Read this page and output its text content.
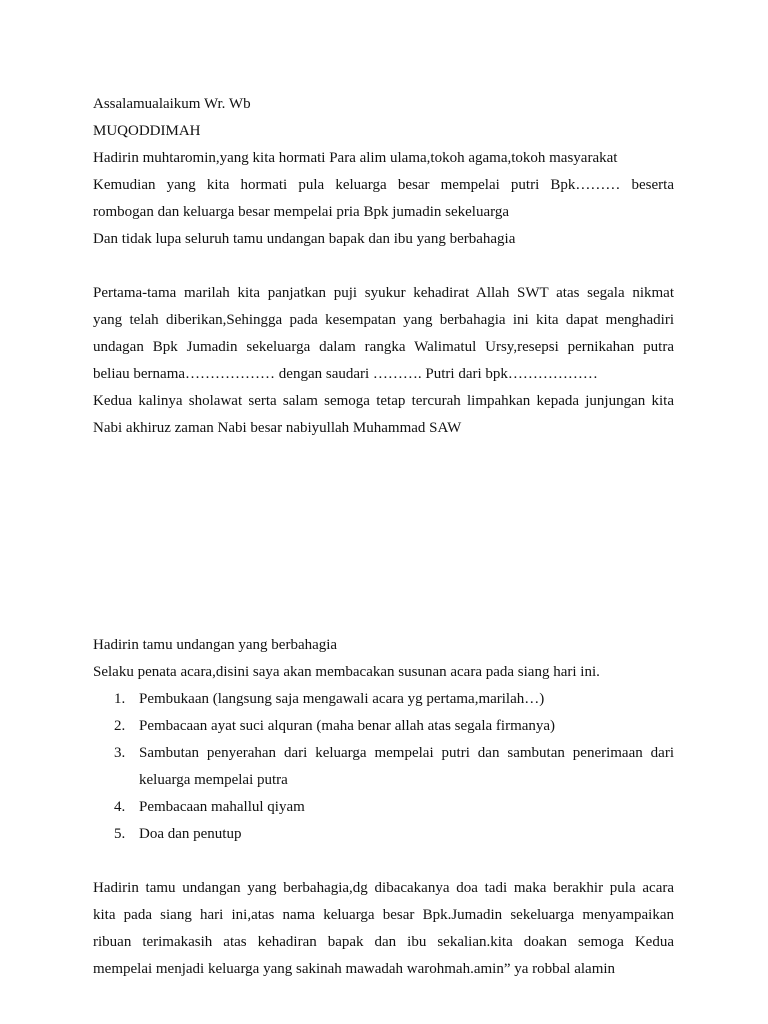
Assalamualaikum Wr. Wb
MUQODDIMAH
Hadirin muhtaromin,yang kita hormati Para alim ulama,tokoh agama,tokoh masyarakat
Kemudian yang kita hormati pula keluarga besar mempelai putri Bpk……… beserta
rombogan dan keluarga besar mempelai pria Bpk jumadin sekeluarga
Dan tidak lupa seluruh tamu undangan bapak dan ibu yang berbahagia
Pertama-tama marilah kita panjatkan puji syukur kehadirat Allah SWT atas segala nikmat
yang telah diberikan,Sehingga pada kesempatan yang berbahagia ini kita dapat menghadiri
undagan Bpk Jumadin sekeluarga dalam rangka Walimatul Ursy,resepsi pernikahan putra
beliau bernama……………… dengan saudari ………. Putri dari bpk………………
Kedua kalinya sholawat serta salam semoga tetap tercurah limpahkan kepada junjungan kita
Nabi akhiruz zaman Nabi besar nabiyullah Muhammad SAW
Hadirin tamu undangan yang berbahagia
Selaku penata acara,disini saya akan membacakan susunan acara pada siang hari ini.
1. Pembukaan (langsung saja mengawali acara yg pertama,marilah…)
2. Pembacaan ayat suci alquran (maha benar allah atas segala firmanya)
3. Sambutan penyerahan dari keluarga mempelai putri dan sambutan penerimaan dari
keluarga mempelai putra
4. Pembacaan mahallul qiyam
5. Doa dan penutup
Hadirin tamu undangan yang berbahagia,dg dibacakanya doa tadi maka berakhir pula acara
kita pada siang hari ini,atas nama keluarga besar Bpk.Jumadin sekeluarga menyampaikan
ribuan terimakasih atas kehadiran bapak dan ibu sekalian.kita doakan semoga Kedua
mempelai menjadi keluarga yang sakinah mawadah warohmah.amin” ya robbal alamin
